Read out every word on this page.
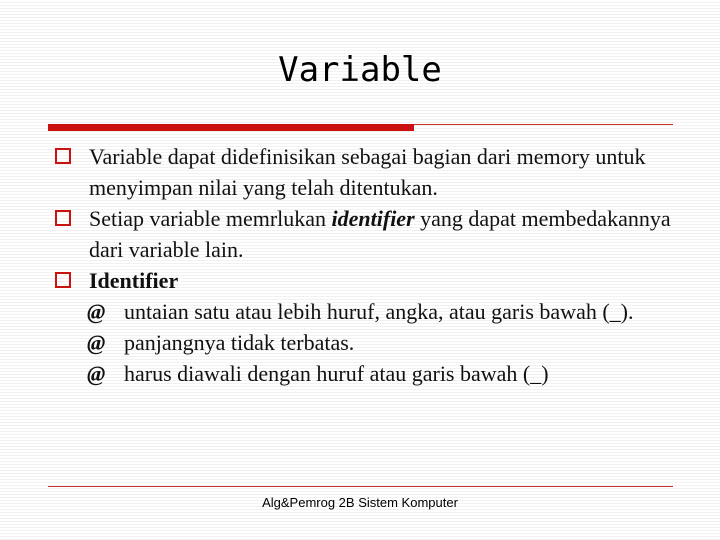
Variable
Variable dapat didefinisikan sebagai bagian dari memory untuk menyimpan nilai yang telah ditentukan.
Setiap variable memrlukan identifier yang dapat membedakannya dari variable lain.
Identifier
@ untaian satu atau lebih huruf, angka, atau garis bawah (_).
@ panjangnya tidak terbatas.
@ harus diawali dengan huruf atau garis bawah (_)
Alg&Pemrog 2B Sistem Komputer
